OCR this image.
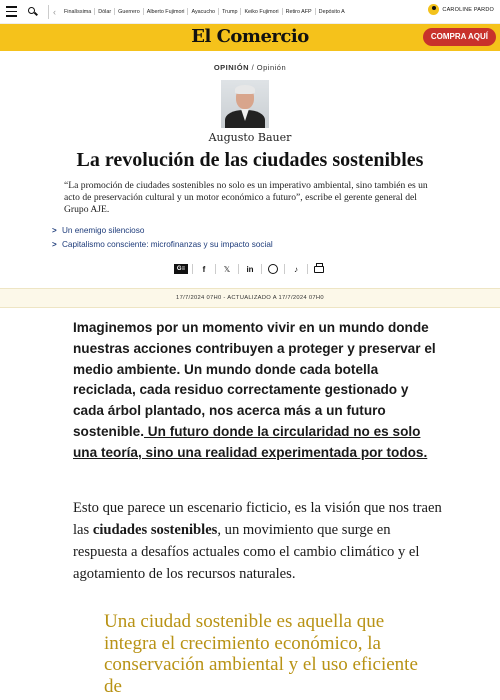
‹	Finalíssima	Dólar	Guerrero	Alberto Fujimori	Ayacucho	Trump	Keiko Fujimori	Retiro AFP	Depósito A	CAROLINE PARDO
El Comercio	COMPRA AQUÍ
OPINIÓN / Opinión
Augusto Bauer
La revolución de las ciudades sostenibles

“La promoción de ciudades sostenibles no solo es un imperativo ambiental, sino también es un acto de preservación cultural y un motor económico a futuro”, escribe el gerente general del Grupo AJE.

> Un enemigo silencioso
> Capitalismo consciente: microfinanzas y su impacto social
G≡	f	𝕏	in	♪
17/7/2024 07H0 - ACTUALIZADO A 17/7/2024 07H0

Imaginemos por un momento vivir en un mundo donde nuestras acciones contribuyen a proteger y preservar el medio ambiente. Un mundo donde cada botella reciclada, cada residuo correctamente gestionado y cada árbol plantado, nos acerca más a un futuro sostenible. Un futuro donde la circularidad no es solo una teoría, sino una realidad experimentada por todos.

Esto que parece un escenario ficticio, es la visión que nos traen las ciudades sostenibles, un movimiento que surge en respuesta a desafíos actuales como el cambio climático y el agotamiento de los recursos naturales.

Una ciudad sostenible es aquella que integra el crecimiento económico, la conservación ambiental y el uso eficiente de
